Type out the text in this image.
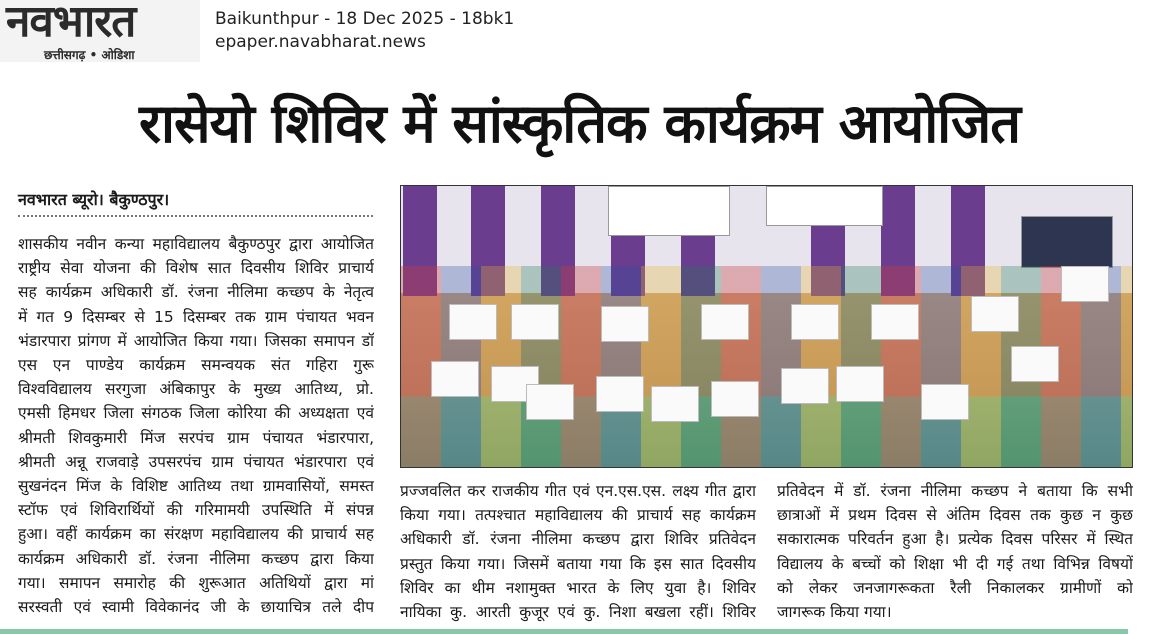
नवभारत
छत्तीसगढ़ • ओडिशा
Baikunthpur - 18 Dec 2025 - 18bk1
epaper.navabharat.news
रासेयो शिविर में सांस्कृतिक कार्यक्रम आयोजित
नवभारत ब्यूरो। बैकुण्ठपुर।
शासकीय नवीन कन्या महाविद्यालय बैकुण्ठपुर द्वारा आयोजित
राष्ट्रीय सेवा योजना की विशेष सात दिवसीय शिविर प्राचार्य
सह कार्यक्रम अधिकारी डॉ. रंजना नीलिमा कच्छप के नेतृत्व
में गत 9 दिसम्बर से 15 दिसम्बर तक ग्राम पंचायत भवन
भंडारपारा प्रांगण में आयोजित किया गया। जिसका समापन डॉ
एस एन पाण्डेय कार्यक्रम समन्वयक संत गहिरा गुरू
विश्वविद्यालय सरगुजा अंबिकापुर के मुख्य आतिथ्य, प्रो.
एमसी हिमधर जिला संगठक जिला कोरिया की अध्यक्षता एवं
श्रीमती शिवकुमारी मिंज सरपंच ग्राम पंचायत भंडारपारा,
श्रीमती अन्नू राजवाड़े उपसरपंच ग्राम पंचायत भंडारपारा एवं
सुखनंदन मिंज के विशिष्ट आतिथ्य तथा ग्रामवासियों, समस्त
स्टॉफ एवं शिविरार्थियों की गरिमामयी उपस्थिति में संपन्न
हुआ। वहीं कार्यक्रम का संरक्षण महाविद्यालय की प्राचार्य सह
कार्यक्रम अधिकारी डॉ. रंजना नीलिमा कच्छप द्वारा किया
गया। समापन समारोह की शुरूआत अतिथियों द्वारा मां
सरस्वती एवं स्वामी विवेकानंद जी के छायाचित्र तले दीप
प्रज्जवलित कर राजकीय गीत एवं एन.एस.एस. लक्ष्य गीत द्वारा
किया गया। तत्पश्चात महाविद्यालय की प्राचार्य सह कार्यक्रम
अधिकारी डॉ. रंजना नीलिमा कच्छप द्वारा शिविर प्रतिवेदन
प्रस्तुत किया गया। जिसमें बताया गया कि इस सात दिवसीय
शिविर का थीम नशामुक्त भारत के लिए युवा है। शिविर
नायिका कु. आरती कुजूर एवं कु. निशा बखला रहीं। शिविर
प्रतिवेदन में डॉ. रंजना नीलिमा कच्छप ने बताया कि सभी
छात्राओं में प्रथम दिवस से अंतिम दिवस तक कुछ न कुछ
सकारात्मक परिवर्तन हुआ है। प्रत्येक दिवस परिसर में स्थित
विद्यालय के बच्चों को शिक्षा भी दी गई तथा विभिन्न विषयों
को लेकर जनजागरूकता रैली निकालकर ग्रामीणों को
जागरूक किया गया।
